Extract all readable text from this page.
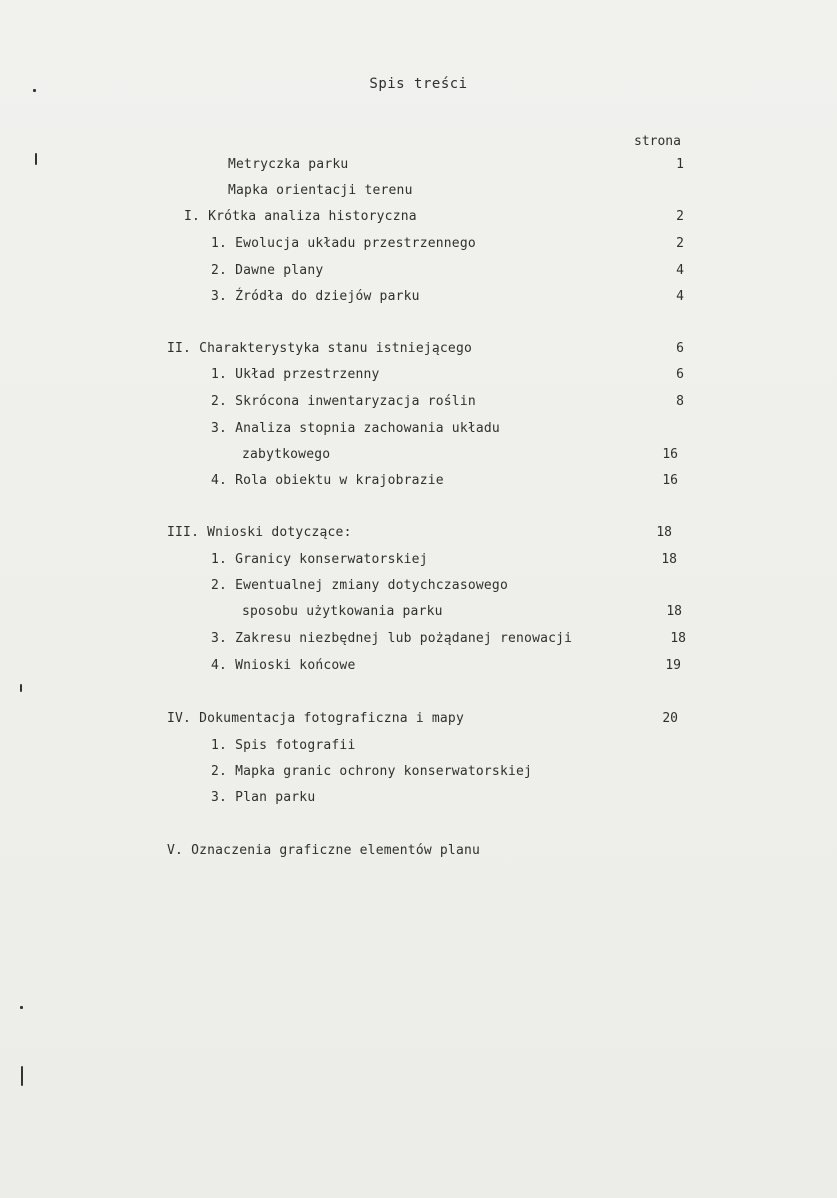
Spis treści
strona
Metryczka parku
Mapka orientacji terenu
I. Krótka analiza historyczna
1. Ewolucja układu przestrzennego
2. Dawne plany
3. Źródła do dziejów parku
II. Charakterystyka stanu istniejącego
1. Układ przestrzenny
2. Skrócona inwentaryzacja roślin
3. Analiza stopnia zachowania układu
zabytkowego
4. Rola obiektu w krajobrazie
III. Wnioski dotyczące:
1. Granicy konserwatorskiej
2. Ewentualnej zmiany dotychczasowego
sposobu użytkowania parku
3. Zakresu niezbędnej lub pożądanej renowacji
4. Wnioski końcowe
IV. Dokumentacja fotograficzna i mapy
1. Spis fotografii
2. Mapka granic ochrony konserwatorskiej
3. Plan parku
V. Oznaczenia graficzne elementów planu
1
2
2
4
4
6
6
8
16
16
18
18
18
18
19
20
